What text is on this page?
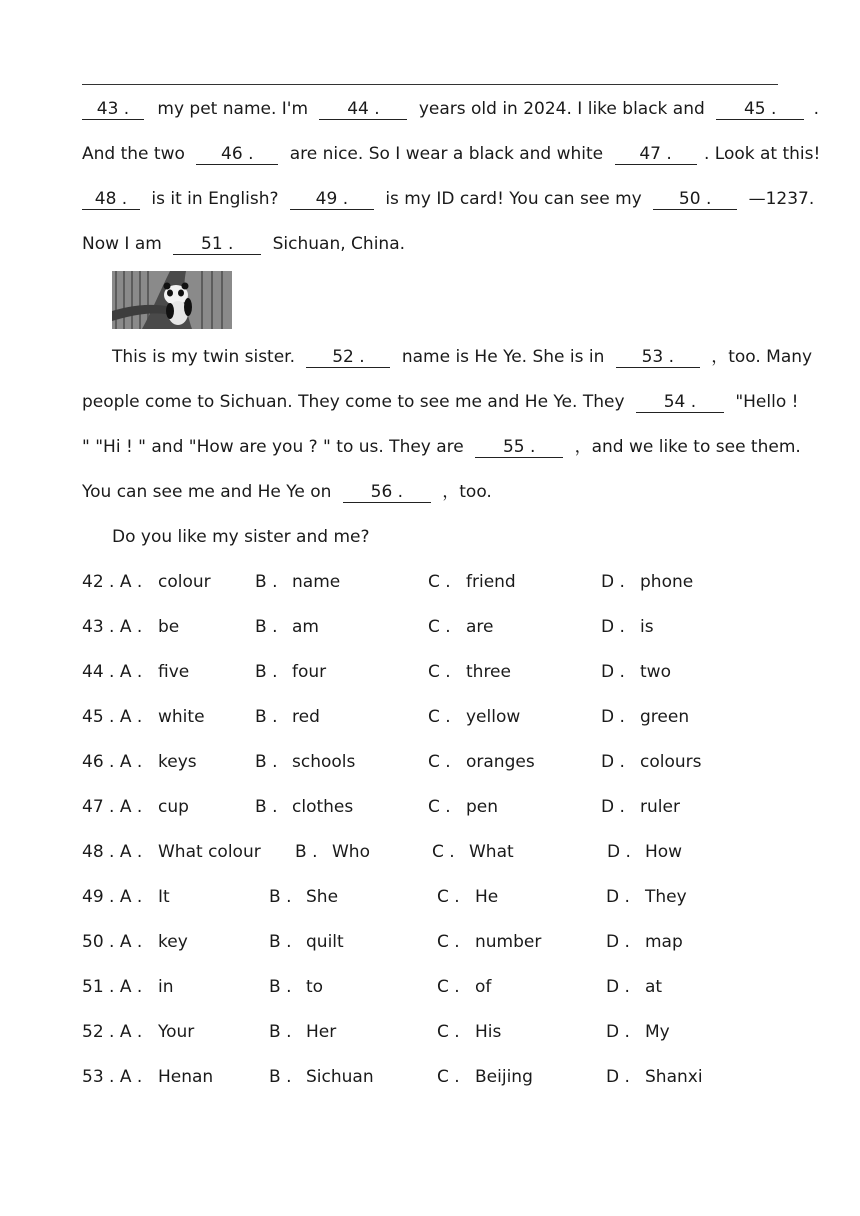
43 . my pet name. I'm 44 . years old in 2024. I like black and 45 . .
And the two 46 . are nice. So I wear a black and white 47 . . Look at this!
48 . is it in English? 49 . is my ID card! You can see my 50 . —1237.
Now I am 51 . Sichuan, China.
This is my twin sister. 52 . name is He Ye. She is in 53 . ，too. Many
people come to Sichuan. They come to see me and He Ye. They 54 . "Hello !
" "Hi ! " and "How are you ? " to us. They are 55 . ，and we like to see them.
You can see me and He Ye on 56 . ，too.
Do you like my sister and me?
42 . A . colour	B . name	C . friend	D . phone
43 . A . be	B . am	C . are	D . is
44 . A . five	B . four	C . three	D . two
45 . A . white	B . red	C . yellow	D . green
46 . A . keys	B . schools	C . oranges	D . colours
47 . A . cup	B . clothes	C . pen	D . ruler
48 . A . What colour B . Who	C . What	D . How
49 . A . It	B . She	C . He	D . They
50 . A . key	B . quilt	C . number	D . map
51 . A . in	B . to	C . of	D . at
52 . A . Your	B . Her	C . His	D . My
53 . A . Henan	B . Sichuan	C . Beijing	D . Shanxi
